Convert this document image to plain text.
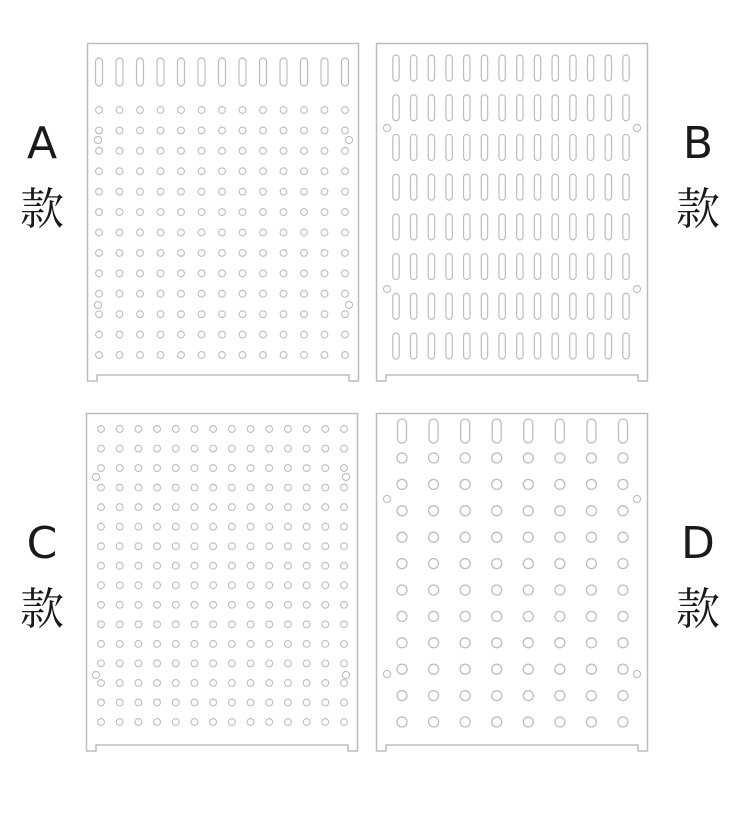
A
款
B
款
C
款
D
款
